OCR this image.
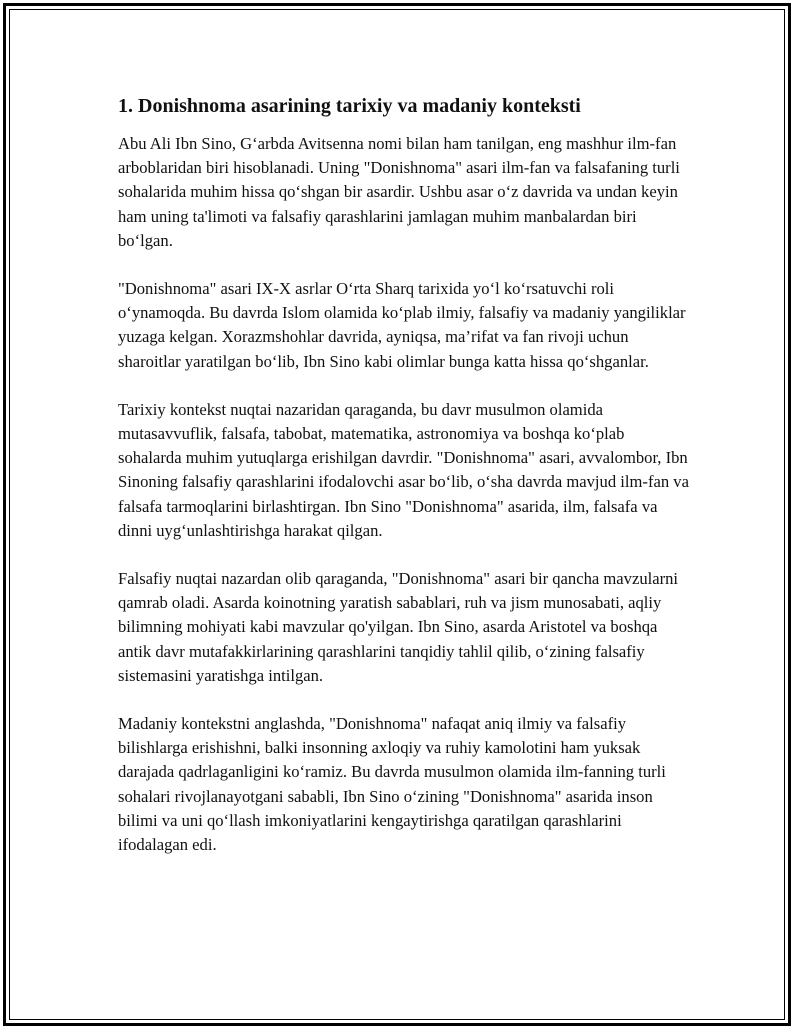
1. Donishnoma asarining tarixiy va madaniy konteksti

Abu Ali Ibn Sino, G‘arbda Avitsenna nomi bilan ham tanilgan, eng mashhur ilm-fan arboblaridan biri hisoblanadi. Uning "Donishnoma" asari ilm-fan va falsafaning turli sohalarida muhim hissa qo‘shgan bir asardir. Ushbu asar o‘z davrida va undan keyin ham uning ta'limoti va falsafiy qarashlarini jamlagan muhim manbalardan biri bo‘lgan.

"Donishnoma" asari IX-X asrlar O‘rta Sharq tarixida yo‘l ko‘rsatuvchi roli o‘ynamoqda. Bu davrda Islom olamida ko‘plab ilmiy, falsafiy va madaniy yangiliklar yuzaga kelgan. Xorazmshohlar davrida, ayniqsa, ma’rifat va fan rivoji uchun sharoitlar yaratilgan bo‘lib, Ibn Sino kabi olimlar bunga katta hissa qo‘shganlar.

Tarixiy kontekst nuqtai nazaridan qaraganda, bu davr musulmon olamida mutasavvuflik, falsafa, tabobat, matematika, astronomiya va boshqa ko‘plab sohalarda muhim yutuqlarga erishilgan davrdir. "Donishnoma" asari, avvalombor, Ibn Sinoning falsafiy qarashlarini ifodalovchi asar bo‘lib, o‘sha davrda mavjud ilm-fan va falsafa tarmoqlarini birlashtirgan. Ibn Sino "Donishnoma" asarida, ilm, falsafa va dinni uyg‘unlashtirishga harakat qilgan.

Falsafiy nuqtai nazardan olib qaraganda, "Donishnoma" asari bir qancha mavzularni qamrab oladi. Asarda koinotning yaratish sabablari, ruh va jism munosabati, aqliy bilimning mohiyati kabi mavzular qo'yilgan. Ibn Sino, asarda Aristotel va boshqa antik davr mutafakkirlarining qarashlarini tanqidiy tahlil qilib, o‘zining falsafiy sistemasini yaratishga intilgan.

Madaniy kontekstni anglashda, "Donishnoma" nafaqat aniq ilmiy va falsafiy bilishlarga erishishni, balki insonning axloqiy va ruhiy kamolotini ham yuksak darajada qadrlaganligini ko‘ramiz. Bu davrda musulmon olamida ilm-fanning turli sohalari rivojlanayotgani sababli, Ibn Sino o‘zining "Donishnoma" asarida inson bilimi va uni qo‘llash imkoniyatlarini kengaytirishga qaratilgan qarashlarini ifodalagan edi.
